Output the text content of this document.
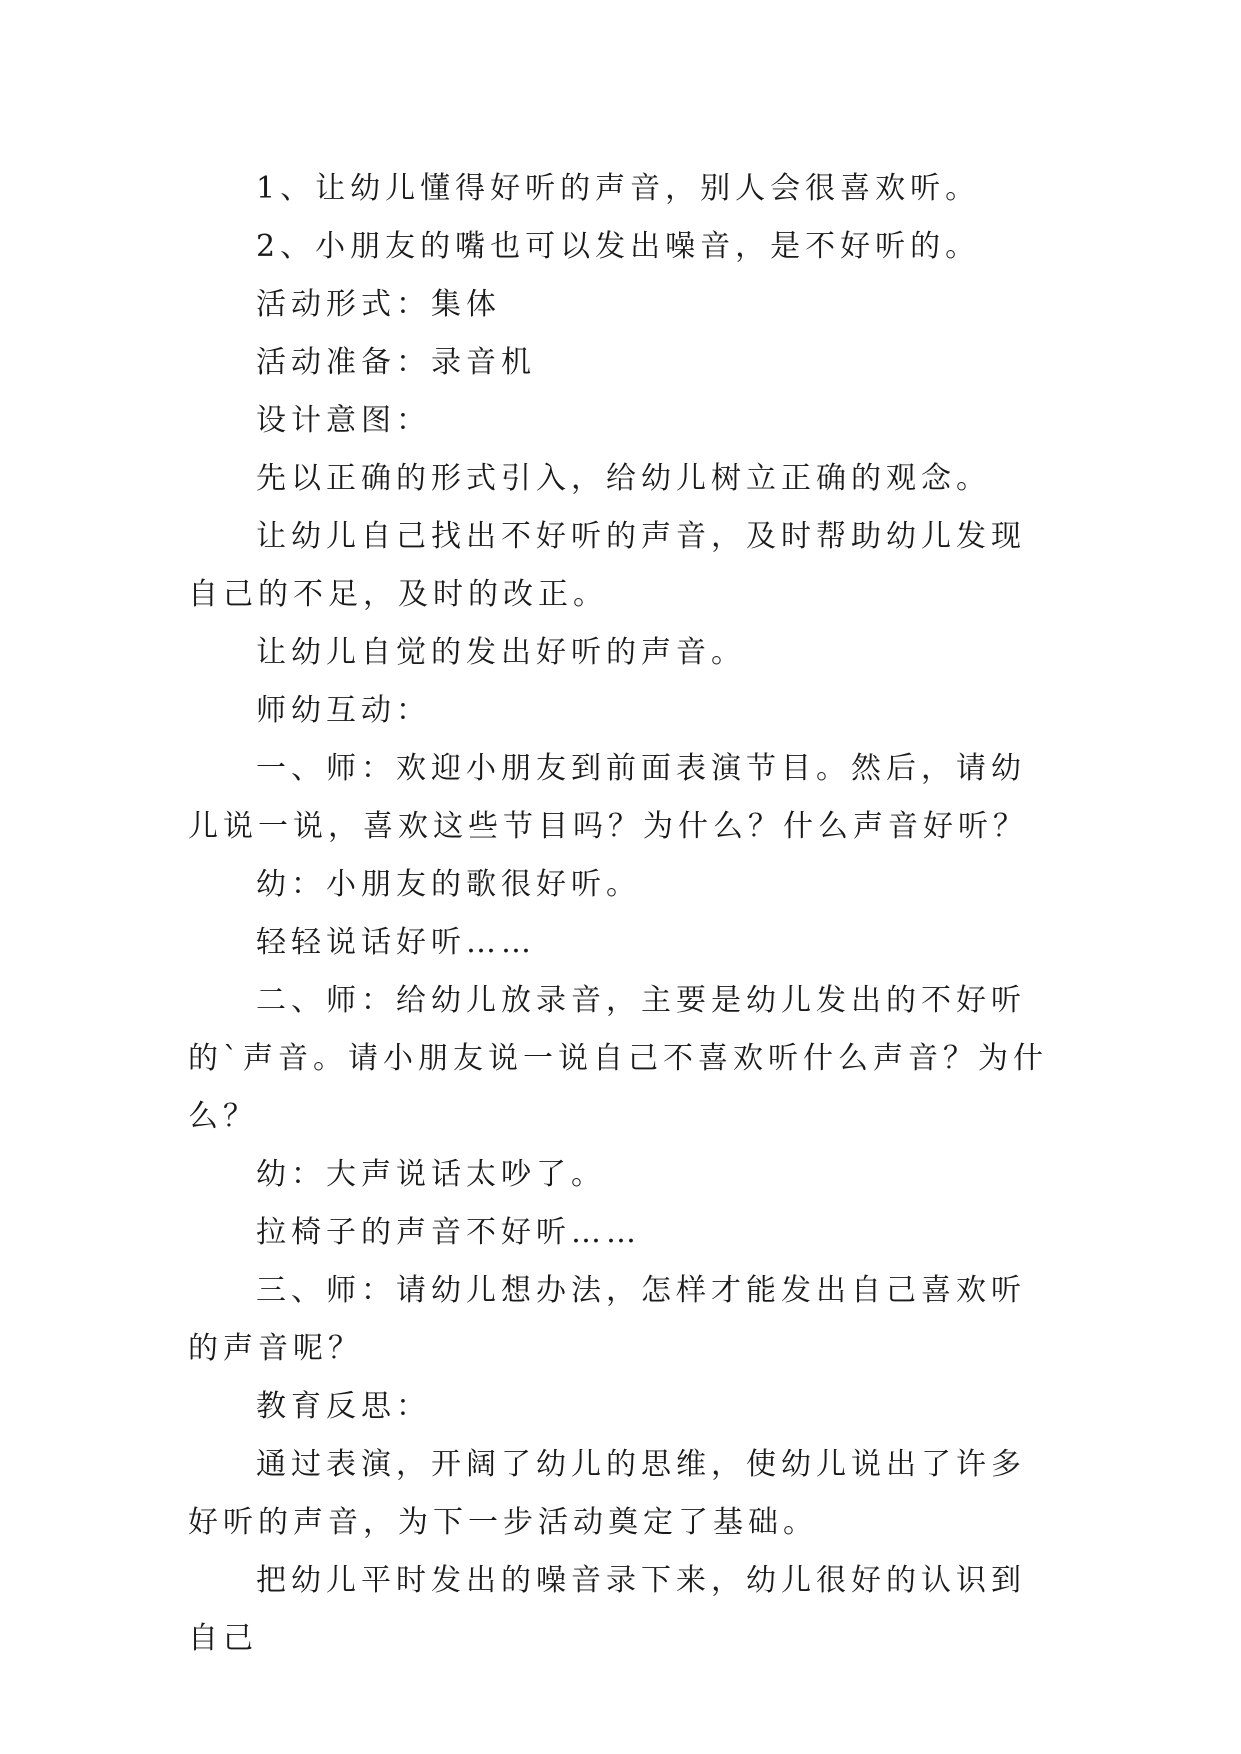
1、让幼儿懂得好听的声音，别人会很喜欢听。

2、小朋友的嘴也可以发出噪音，是不好听的。

活动形式：集体

活动准备：录音机

设计意图：

先以正确的形式引入，给幼儿树立正确的观念。

让幼儿自己找出不好听的声音，及时帮助幼儿发现自己的不足，及时的改正。

让幼儿自觉的发出好听的声音。

师幼互动：

一、师：欢迎小朋友到前面表演节目。然后，请幼儿说一说，喜欢这些节目吗？为什么？什么声音好听？

幼：小朋友的歌很好听。

轻轻说话好听……

二、师：给幼儿放录音，主要是幼儿发出的不好听的`声音。请小朋友说一说自己不喜欢听什么声音？为什么？

幼：大声说话太吵了。

拉椅子的声音不好听……

三、师：请幼儿想办法，怎样才能发出自己喜欢听的声音呢？

教育反思：

通过表演，开阔了幼儿的思维，使幼儿说出了许多好听的声音，为下一步活动奠定了基础。

把幼儿平时发出的噪音录下来，幼儿很好的认识到自己
